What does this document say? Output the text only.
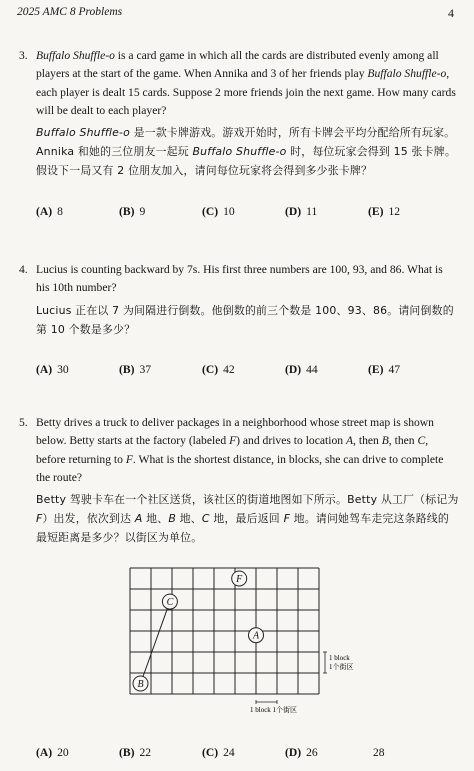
2025 AMC 8 Problems	4
3. Buffalo Shuffle-o is a card game in which all the cards are distributed evenly among all players at the start of the game. When Annika and 3 of her friends play Buffalo Shuffle-o, each player is dealt 15 cards. Suppose 2 more friends join the next game. How many cards will be dealt to each player?
Buffalo Shuffle-o 是一款卡牌游戏。游戏开始时，所有卡牌会平均分配给所有玩家。Annika 和她的三位朋友一起玩 Buffalo Shuffle-o 时，每位玩家会得到 15 张卡牌。假设下一局又有 2 位朋友加入，请问每位玩家将会得到多少张卡牌？
(A) 8	(B) 9	(C) 10	(D) 11	(E) 12
4. Lucius is counting backward by 7s. His first three numbers are 100, 93, and 86. What is his 10th number?
Lucius 正在以 7 为间隔进行倒数。他倒数的前三个数是 100、93、86。请问倒数的第 10 个数是多少？
(A) 30	(B) 37	(C) 42	(D) 44	(E) 47
5. Betty drives a truck to deliver packages in a neighborhood whose street map is shown below. Betty starts at the factory (labeled F) and drives to location A, then B, then C, before returning to F. What is the shortest distance, in blocks, she can drive to complete the route?
Betty 驾驶卡车在一个社区送货，该社区的街道地图如下所示。Betty 从工厂（标记为 F）出发，依次到达 A 地、B 地、C 地，最后返回 F 地。请问她驾车走完这条路线的最短距离是多少？以街区为单位。
F
C
A
B
1 block
1个街区
1 block 1个街区
(A) 20	(B) 22	(C) 24	(D) 26	28
